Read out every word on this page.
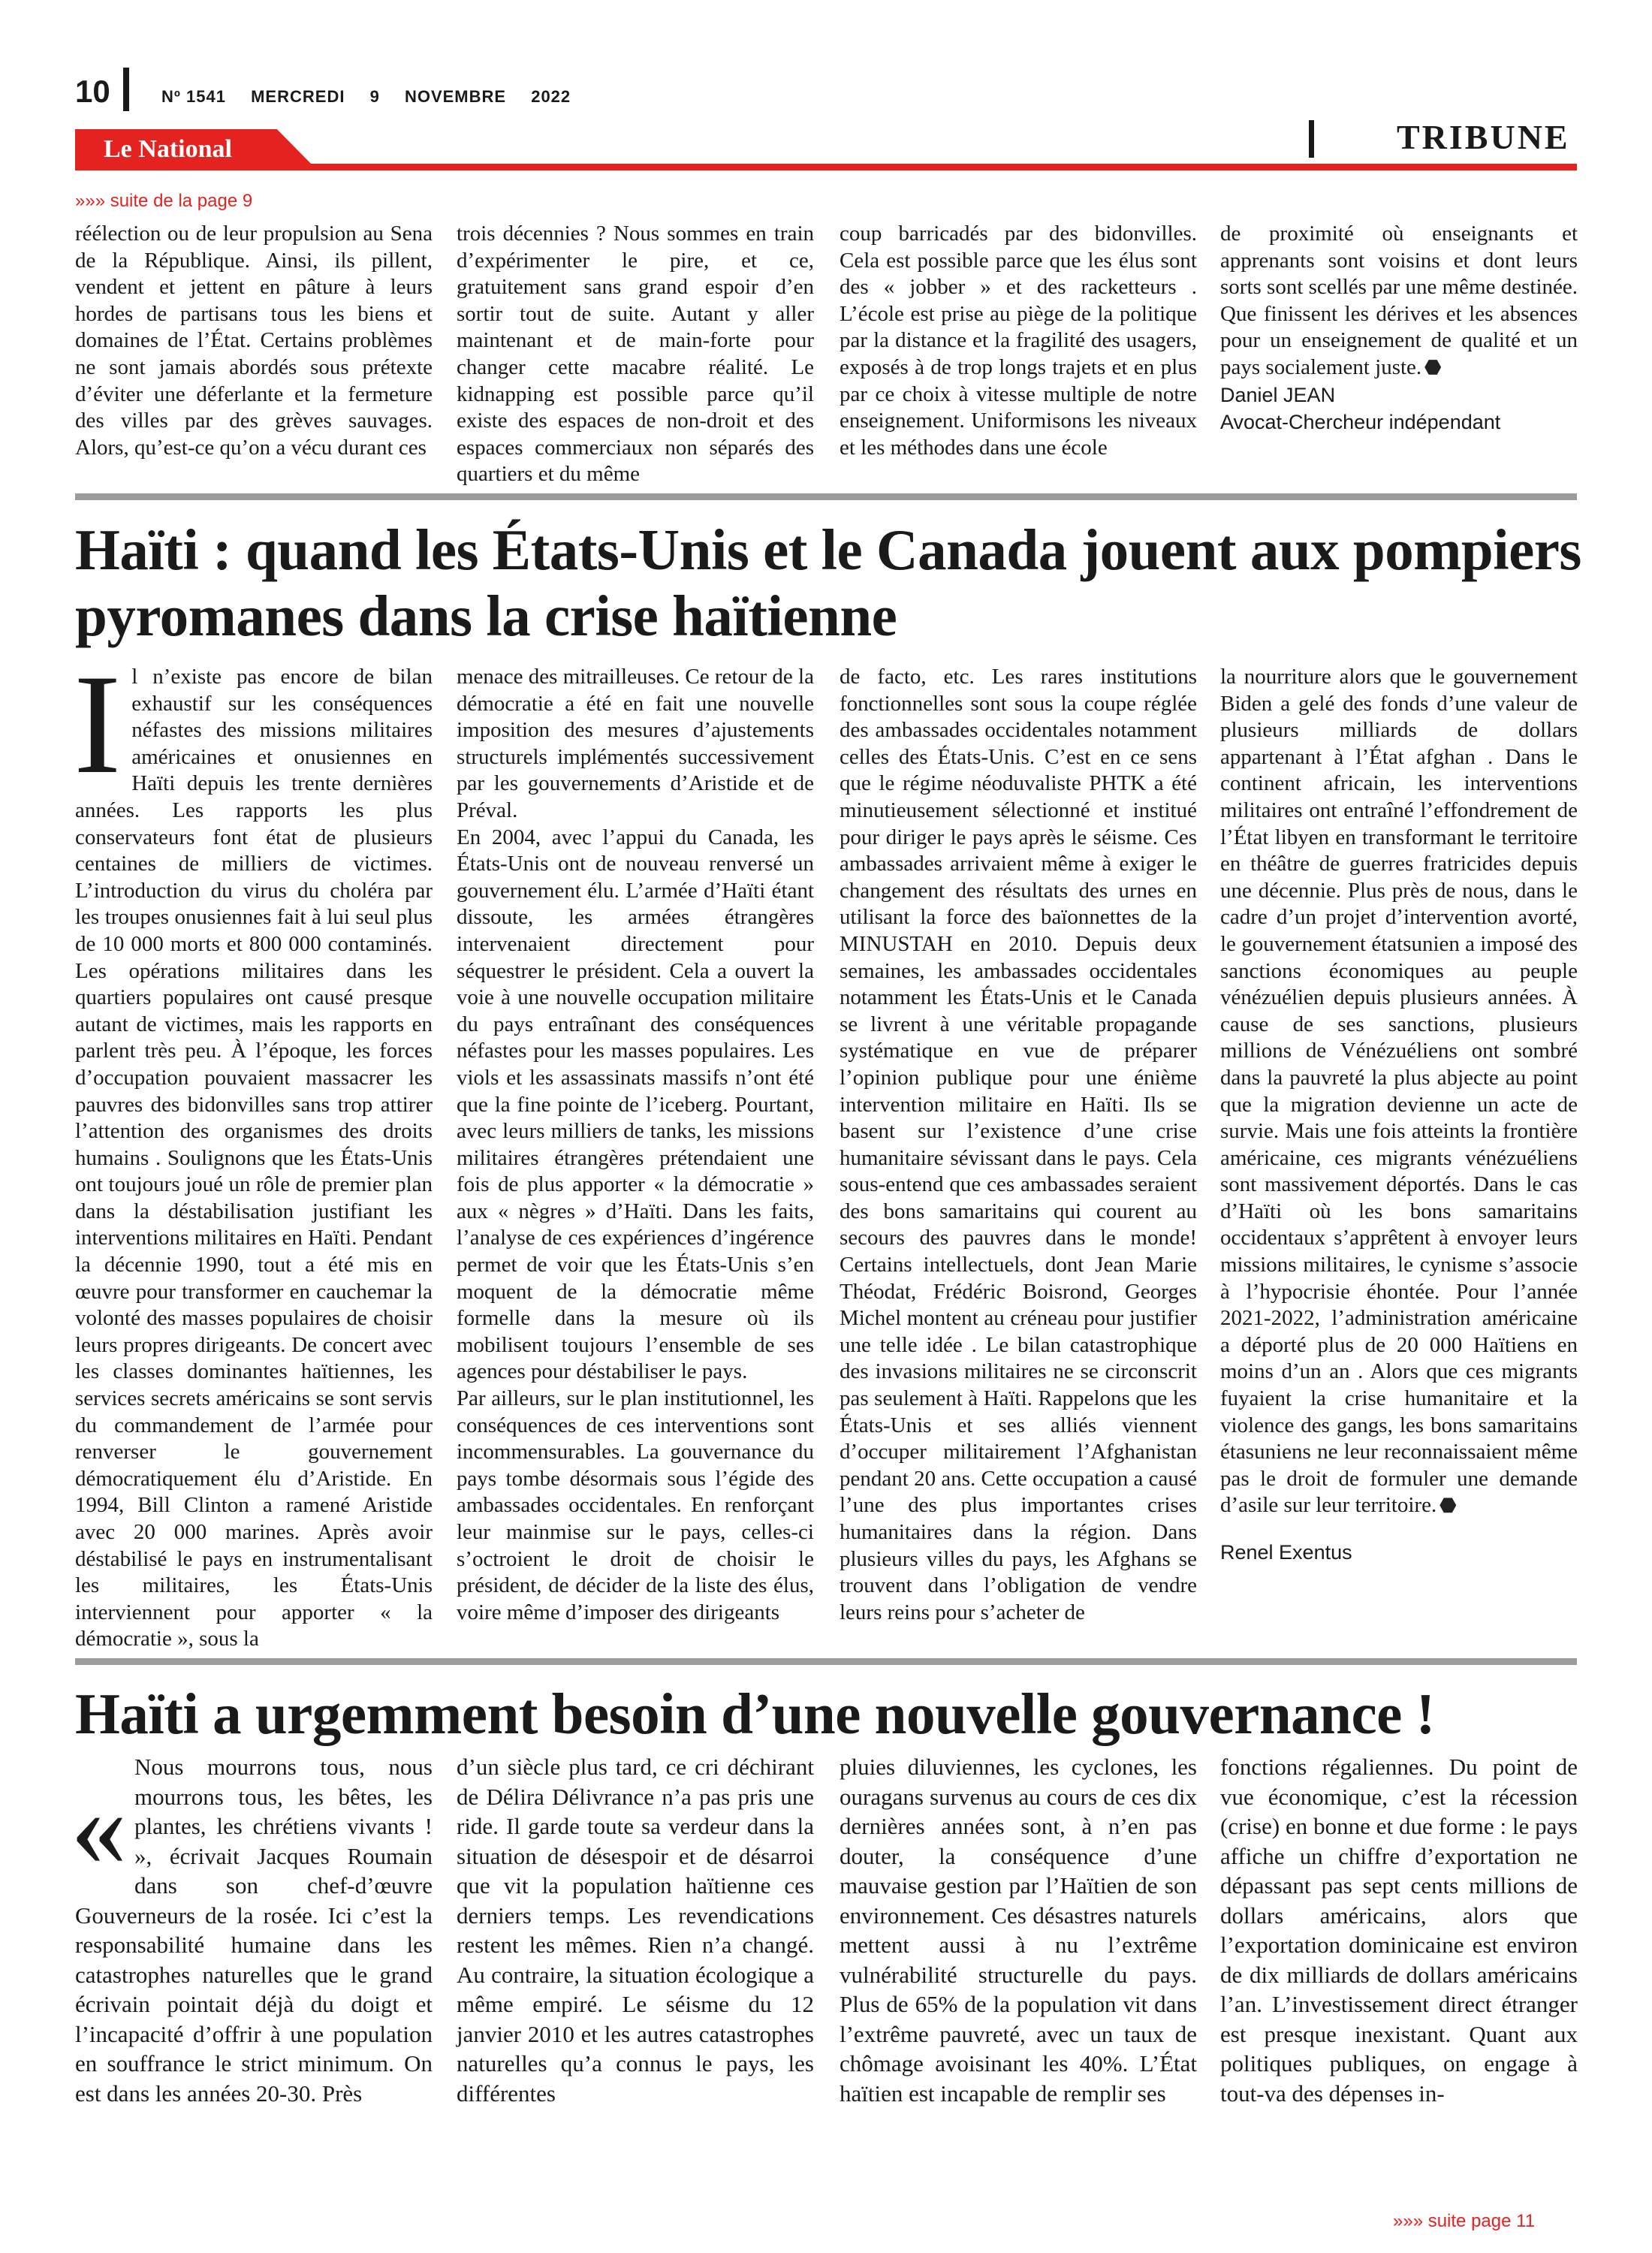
10	Nº 1541 MERCREDI 9 NOVEMBRE 2022
Le National	TRIBUNE
»»» suite de la page 9

réélection ou de leur propulsion au Sena de la République. Ainsi, ils pillent, vendent et jettent en pâture à leurs hordes de partisans tous les biens et domaines de l’État. Certains problèmes ne sont jamais abordés sous prétexte d’éviter une déferlante et la fermeture des villes par des grèves sauvages. Alors, qu’est-ce qu’on a vécu durant ces

trois décennies ? Nous sommes en train d’expérimenter le pire, et ce, gratuitement sans grand espoir d’en sortir tout de suite. Autant y aller maintenant et de main-forte pour changer cette macabre réalité. Le kidnapping est possible parce qu’il existe des espaces de non-droit et des espaces commerciaux non séparés des quartiers et du même

coup barricadés par des bidonvilles. Cela est possible parce que les élus sont des « jobber » et des racketteurs . L’école est prise au piège de la politique par la distance et la fragilité des usagers, exposés à de trop longs trajets et en plus par ce choix à vitesse multiple de notre enseignement. Uniformisons les niveaux et les méthodes dans une école

de proximité où enseignants et apprenants sont voisins et dont leurs sorts sont scellés par une même destinée. Que finissent les dérives et les absences pour un enseignement de qualité et un pays socialement juste.

Daniel JEAN

Avocat-Chercheur indépendant

Haïti : quand les États-Unis et le Canada jouent aux pompiers pyromanes dans la crise haïtienne

Il n’existe pas encore de bilan exhaustif sur les conséquences néfastes des missions militaires américaines et onusiennes en Haïti depuis les trente dernières années. Les rapports les plus conservateurs font état de plusieurs centaines de milliers de victimes. L’introduction du virus du choléra par les troupes onusiennes fait à lui seul plus de 10 000 morts et 800 000 contaminés. Les opérations militaires dans les quartiers populaires ont causé presque autant de victimes, mais les rapports en parlent très peu. À l’époque, les forces d’occupation pouvaient massacrer les pauvres des bidonvilles sans trop attirer l’attention des organismes des droits humains . Soulignons que les États-Unis ont toujours joué un rôle de premier plan dans la déstabilisation justifiant les interventions militaires en Haïti. Pendant la décennie 1990, tout a été mis en œuvre pour transformer en cauchemar la volonté des masses populaires de choisir leurs propres dirigeants. De concert avec les classes dominantes haïtiennes, les services secrets américains se sont servis du commandement de l’armée pour renverser le gouvernement démocratiquement élu d’Aristide. En 1994, Bill Clinton a ramené Aristide avec 20 000 marines. Après avoir déstabilisé le pays en instrumentalisant les militaires, les États-Unis interviennent pour apporter « la démocratie », sous la

menace des mitrailleuses. Ce retour de la démocratie a été en fait une nouvelle imposition des mesures d’ajustements structurels implémentés successivement par les gouvernements d’Aristide et de Préval.

En 2004, avec l’appui du Canada, les États-Unis ont de nouveau renversé un gouvernement élu. L’armée d’Haïti étant dissoute, les armées étrangères intervenaient directement pour séquestrer le président. Cela a ouvert la voie à une nouvelle occupation militaire du pays entraînant des conséquences néfastes pour les masses populaires. Les viols et les assassinats massifs n’ont été que la fine pointe de l’iceberg. Pourtant, avec leurs milliers de tanks, les missions militaires étrangères prétendaient une fois de plus apporter « la démocratie » aux « nègres » d’Haïti. Dans les faits, l’analyse de ces expériences d’ingérence permet de voir que les États-Unis s’en moquent de la démocratie même formelle dans la mesure où ils mobilisent toujours l’ensemble de ses agences pour déstabiliser le pays.

Par ailleurs, sur le plan institutionnel, les conséquences de ces interventions sont incommensurables. La gouvernance du pays tombe désormais sous l’égide des ambassades occidentales. En renforçant leur mainmise sur le pays, celles-ci s’octroient le droit de choisir le président, de décider de la liste des élus, voire même d’imposer des dirigeants

de facto, etc. Les rares institutions fonctionnelles sont sous la coupe réglée des ambassades occidentales notamment celles des États-Unis. C’est en ce sens que le régime néoduvaliste PHTK a été minutieusement sélectionné et institué pour diriger le pays après le séisme. Ces ambassades arrivaient même à exiger le changement des résultats des urnes en utilisant la force des baïonnettes de la MINUSTAH en 2010. Depuis deux semaines, les ambassades occidentales notamment les États-Unis et le Canada se livrent à une véritable propagande systématique en vue de préparer l’opinion publique pour une énième intervention militaire en Haïti. Ils se basent sur l’existence d’une crise humanitaire sévissant dans le pays. Cela sous-entend que ces ambassades seraient des bons samaritains qui courent au secours des pauvres dans le monde! Certains intellectuels, dont Jean Marie Théodat, Frédéric Boisrond, Georges Michel montent au créneau pour justifier une telle idée . Le bilan catastrophique des invasions militaires ne se circonscrit pas seulement à Haïti. Rappelons que les États-Unis et ses alliés viennent d’occuper militairement l’Afghanistan pendant 20 ans. Cette occupation a causé l’une des plus importantes crises humanitaires dans la région. Dans plusieurs villes du pays, les Afghans se trouvent dans l’obligation de vendre leurs reins pour s’acheter de

la nourriture alors que le gouvernement Biden a gelé des fonds d’une valeur de plusieurs milliards de dollars appartenant à l’État afghan . Dans le continent africain, les interventions militaires ont entraîné l’effondrement de l’État libyen en transformant le territoire en théâtre de guerres fratricides depuis une décennie. Plus près de nous, dans le cadre d’un projet d’intervention avorté, le gouvernement étatsunien a imposé des sanctions économiques au peuple vénézuélien depuis plusieurs années. À cause de ses sanctions, plusieurs millions de Vénézuéliens ont sombré dans la pauvreté la plus abjecte au point que la migration devienne un acte de survie. Mais une fois atteints la frontière américaine, ces migrants vénézuéliens sont massivement déportés. Dans le cas d’Haïti où les bons samaritains occidentaux s’apprêtent à envoyer leurs missions militaires, le cynisme s’associe à l’hypocrisie éhontée. Pour l’année 2021-2022, l’administration américaine a déporté plus de 20 000 Haïtiens en moins d’un an . Alors que ces migrants fuyaient la crise humanitaire et la violence des gangs, les bons samaritains étasuniens ne leur reconnaissaient même pas le droit de formuler une demande d’asile sur leur territoire.

Renel Exentus

Haïti a urgemment besoin d’une nouvelle gouvernance !

« Nous mourrons tous, nous mourrons tous, les bêtes, les plantes, les chrétiens vivants ! », écrivait Jacques Roumain dans son chef-d’œuvre Gouverneurs de la rosée. Ici c’est la responsabilité humaine dans les catastrophes naturelles que le grand écrivain pointait déjà du doigt et l’incapacité d’offrir à une population en souffrance le strict minimum. On est dans les années 20-30. Près

d’un siècle plus tard, ce cri déchirant de Délira Délivrance n’a pas pris une ride. Il garde toute sa verdeur dans la situation de désespoir et de désarroi que vit la population haïtienne ces derniers temps. Les revendications restent les mêmes. Rien n’a changé. Au contraire, la situation écologique a même empiré. Le séisme du 12 janvier 2010 et les autres catastrophes naturelles qu’a connus le pays, les différentes

pluies diluviennes, les cyclones, les ouragans survenus au cours de ces dix dernières années sont, à n’en pas douter, la conséquence d’une mauvaise gestion par l’Haïtien de son environnement. Ces désastres naturels mettent aussi à nu l’extrême vulnérabilité structurelle du pays. Plus de 65% de la population vit dans l’extrême pauvreté, avec un taux de chômage avoisinant les 40%. L’État haïtien est incapable de remplir ses

fonctions régaliennes. Du point de vue économique, c’est la récession (crise) en bonne et due forme : le pays affiche un chiffre d’exportation ne dépassant pas sept cents millions de dollars américains, alors que l’exportation dominicaine est environ de dix milliards de dollars américains l’an. L’investissement direct étranger est presque inexistant. Quant aux politiques publiques, on engage à tout-va des dépenses in-

»»» suite page 11
